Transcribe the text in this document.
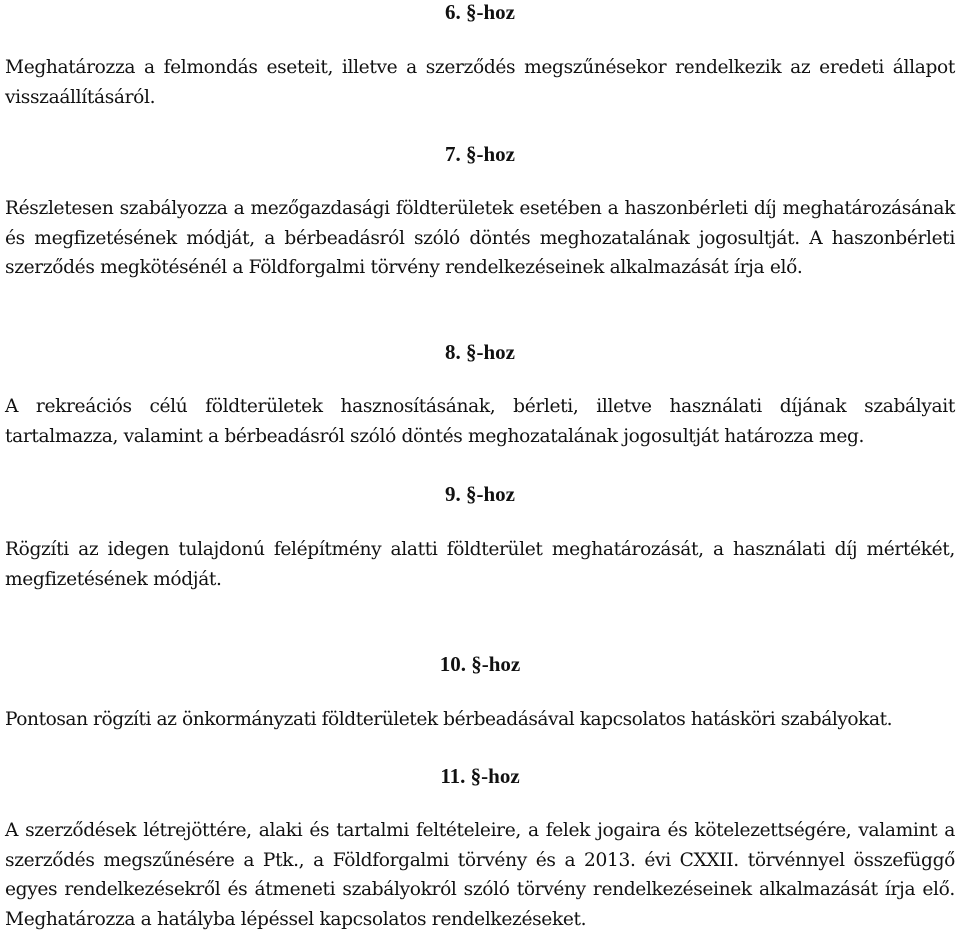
6. §-hoz

Meghatározza a felmondás eseteit, illetve a szerződés megszűnésekor rendelkezik az eredeti állapot visszaállításáról.

7. §-hoz

Részletesen szabályozza a mezőgazdasági földterületek esetében a haszonbérleti díj meghatározásának és megfizetésének módját, a bérbeadásról szóló döntés meghozatalának jogosultját. A haszonbérleti szerződés megkötésénél a Földforgalmi törvény rendelkezéseinek alkalmazását írja elő.

8. §-hoz

A rekreációs célú földterületek hasznosításának, bérleti, illetve használati díjának szabályait tartalmazza, valamint a bérbeadásról szóló döntés meghozatalának jogosultját határozza meg.

9. §-hoz

Rögzíti az idegen tulajdonú felépítmény alatti földterület meghatározását, a használati díj mértékét, megfizetésének módját.

10. §-hoz

Pontosan rögzíti az önkormányzati földterületek bérbeadásával kapcsolatos hatásköri szabályokat.

11. §-hoz

A szerződések létrejöttére, alaki és tartalmi feltételeire, a felek jogaira és kötelezettségére, valamint a szerződés megszűnésére a Ptk., a Földforgalmi törvény és a 2013. évi CXXII. törvénnyel összefüggő egyes rendelkezésekről és átmeneti szabályokról szóló törvény rendelkezéseinek alkalmazását írja elő. Meghatározza a hatályba lépéssel kapcsolatos rendelkezéseket.
